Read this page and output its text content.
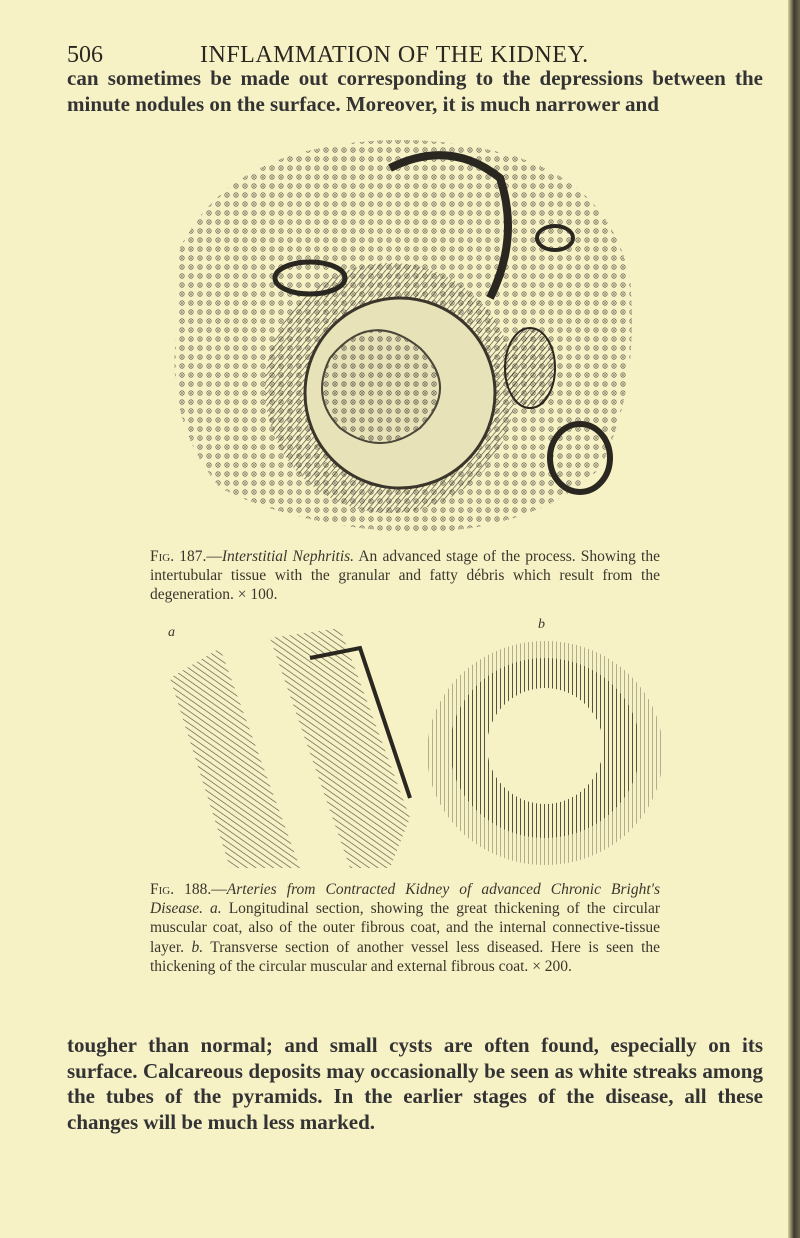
506	INFLAMMATION OF THE KIDNEY.
can sometimes be made out corresponding to the depressions between the minute nodules on the surface. Moreover, it is much narrower and
Fig. 187.—Interstitial Nephritis. An advanced stage of the process. Showing the intertubular tissue with the granular and fatty débris which result from the degeneration. × 100.
a
b
Fig. 188.—Arteries from Contracted Kidney of advanced Chronic Bright's Disease. a. Longitudinal section, showing the great thickening of the circular muscular coat, also of the outer fibrous coat, and the internal connective-tissue layer. b. Transverse section of another vessel less diseased. Here is seen the thickening of the circular muscular and external fibrous coat. × 200.
tougher than normal; and small cysts are often found, especially on its surface. Calcareous deposits may occasionally be seen as white streaks among the tubes of the pyramids. In the earlier stages of the disease, all these changes will be much less marked.
